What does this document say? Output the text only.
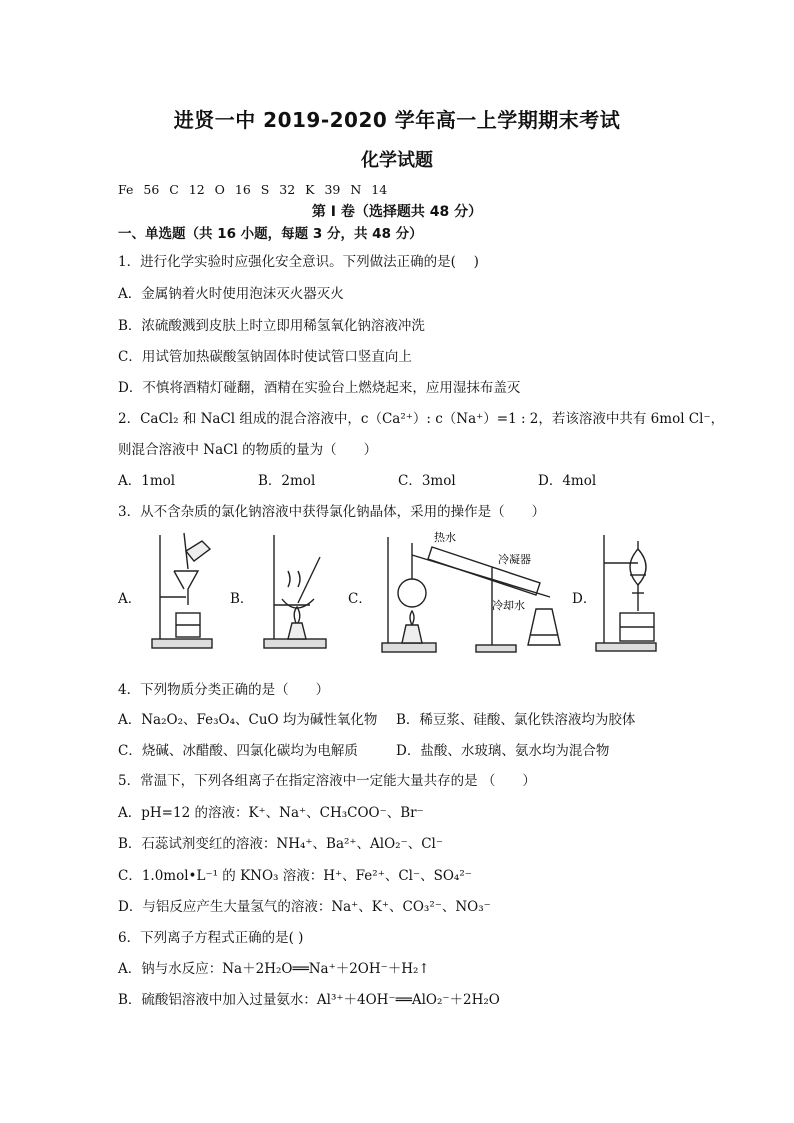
进贤一中 2019-2020 学年高一上学期期末考试
化学试题
Fe 56 C 12 O 16 S 32 K 39 N 14
第 I 卷（选择题共 48 分）
一、单选题（共 16 小题，每题 3 分，共 48 分）
1．进行化学实验时应强化安全意识。下列做法正确的是(　 )
A．金属钠着火时使用泡沫灭火器灭火
B．浓硫酸溅到皮肤上时立即用稀氢氧化钠溶液冲洗
C．用试管加热碳酸氢钠固体时使试管口竖直向上
D．不慎将酒精灯碰翻，酒精在实验台上燃烧起来，应用湿抹布盖灭
2．CaCl₂ 和 NaCl 组成的混合溶液中，c（Ca²⁺）: c（Na⁺）=1 : 2，若该溶液中共有 6mol Cl⁻，
则混合溶液中 NaCl 的物质的量为（　　）
A．1mol	B．2mol	C．3mol	D．4mol
3．从不含杂质的氯化钠溶液中获得氯化钠晶体，采用的操作是（　　）
A．	B．	C．	D．
热水
冷凝器
冷却水
4．下列物质分类正确的是（　　）
A．Na₂O₂、Fe₃O₄、CuO 均为碱性氧化物 B．稀豆浆、硅酸、氯化铁溶液均为胶体
C．烧碱、冰醋酸、四氯化碳均为电解质	D．盐酸、水玻璃、氨水均为混合物
5．常温下，下列各组离子在指定溶液中一定能大量共存的是 （　　）
A．pH=12 的溶液：K⁺、Na⁺、CH₃COO⁻、Br⁻
B．石蕊试剂变红的溶液：NH₄⁺、Ba²⁺、AlO₂⁻、Cl⁻
C．1.0mol•L⁻¹ 的 KNO₃ 溶液：H⁺、Fe²⁺、Cl⁻、SO₄²⁻
D．与铝反应产生大量氢气的溶液：Na⁺、K⁺、CO₃²⁻、NO₃⁻
6．下列离子方程式正确的是( )
A．钠与水反应：Na＋2H₂O══Na⁺＋2OH⁻＋H₂↑
B．硫酸铝溶液中加入过量氨水：Al³⁺＋4OH⁻══AlO₂⁻＋2H₂O
